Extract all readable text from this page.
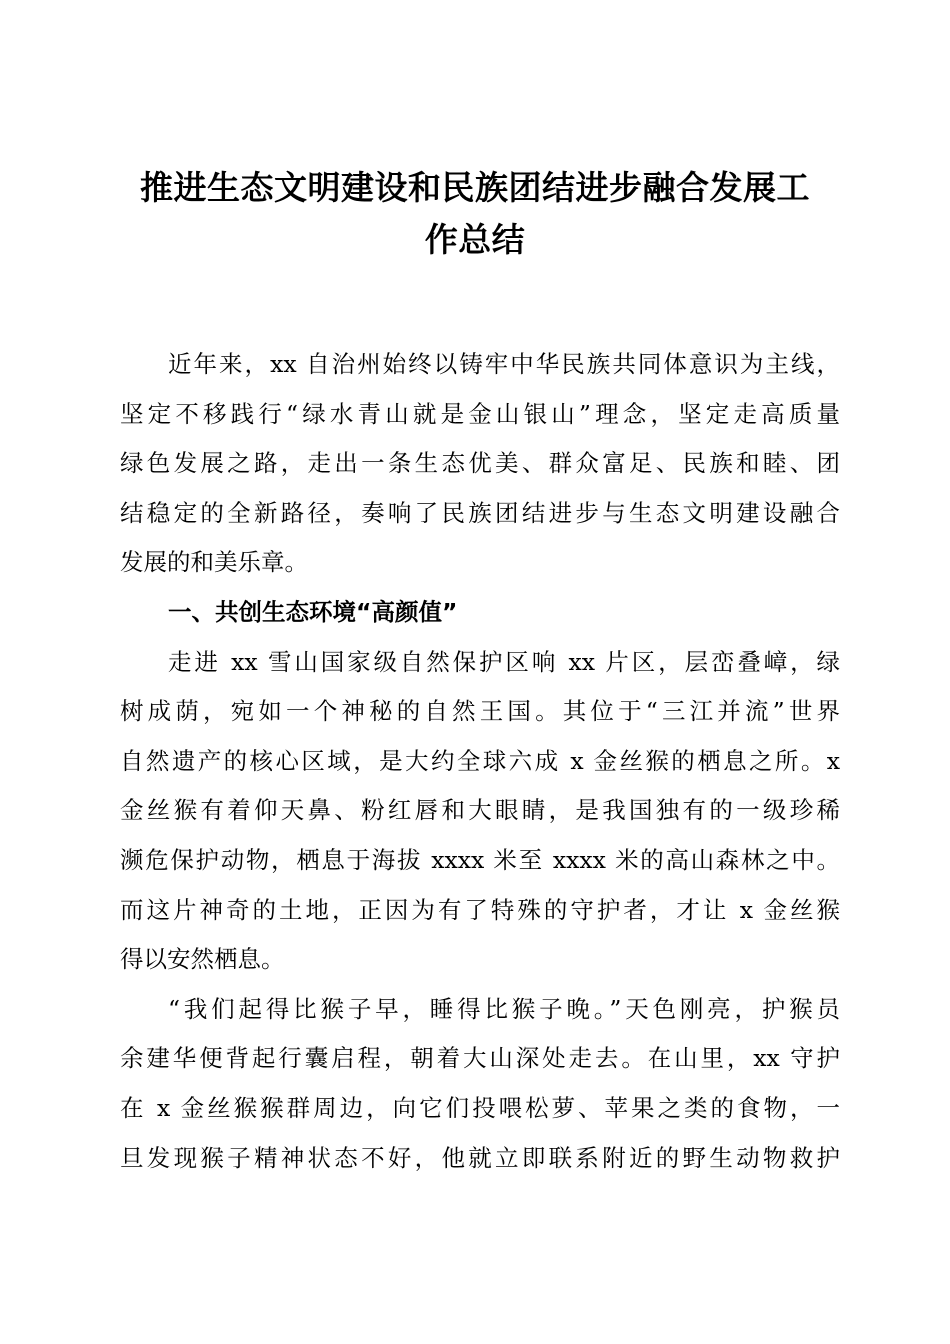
推进生态文明建设和民族团结进步融合发展工
作总结
近年来，xx 自治州始终以铸牢中华民族共同体意识为主线，
坚定不移践行“绿水青山就是金山银山”理念，坚定走高质量
绿色发展之路，走出一条生态优美、群众富足、民族和睦、团
结稳定的全新路径，奏响了民族团结进步与生态文明建设融合
发展的和美乐章。
一、共创生态环境“高颜值”
走进 xx 雪山国家级自然保护区响 xx 片区，层峦叠嶂，绿
树成荫，宛如一个神秘的自然王国。其位于“三江并流”世界
自然遗产的核心区域，是大约全球六成 x 金丝猴的栖息之所。x
金丝猴有着仰天鼻、粉红唇和大眼睛，是我国独有的一级珍稀
濒危保护动物，栖息于海拔 xxxx 米至 xxxx 米的高山森林之中。
而这片神奇的土地，正因为有了特殊的守护者，才让 x 金丝猴
得以安然栖息。
“我们起得比猴子早，睡得比猴子晚。”天色刚亮，护猴员
余建华便背起行囊启程，朝着大山深处走去。在山里，xx 守护
在 x 金丝猴猴群周边，向它们投喂松萝、苹果之类的食物，一
旦发现猴子精神状态不好，他就立即联系附近的野生动物救护
